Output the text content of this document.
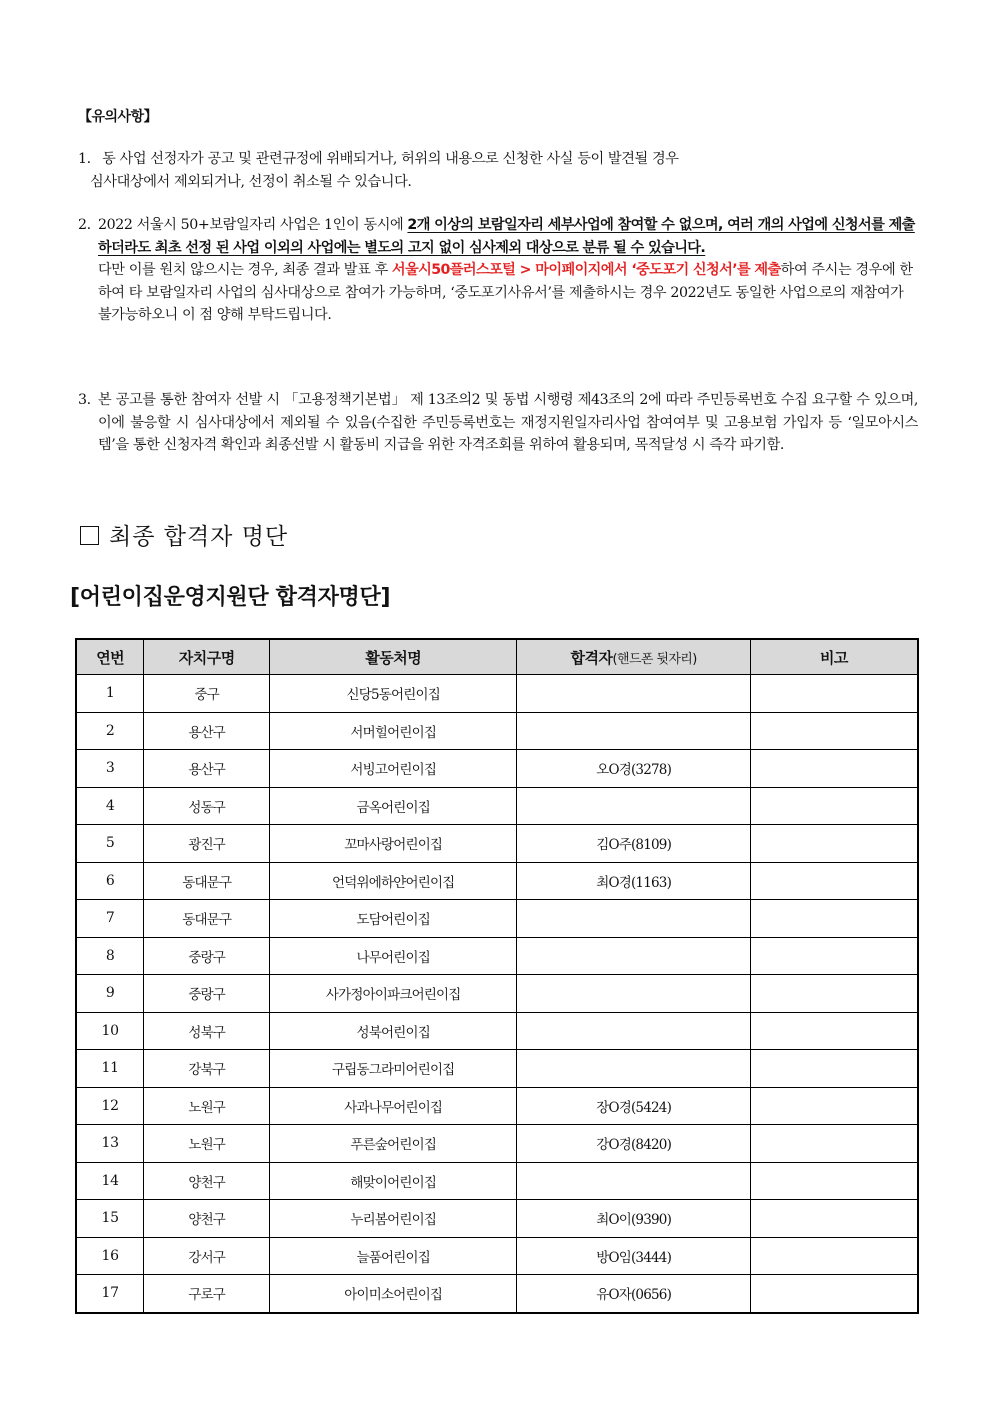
【유의사항】
1. 동 사업 선정자가 공고 및 관련규정에 위배되거나, 허위의 내용으로 신청한 사실 등이 발견될 경우

심사대상에서 제외되거나, 선정이 취소될 수 있습니다.
2. 2022 서울시 50+보람일자리 사업은 1인이 동시에 2개 이상의 보람일자리 세부사업에 참여할 수 없으며, 여러 개의 사업에 신청서를 제출하더라도 최초 선정 된 사업 이외의 사업에는 별도의 고지 없이 심사제외 대상으로 분류 될 수 있습니다.
다만 이를 원치 않으시는 경우, 최종 결과 발표 후 서울시50플러스포털 > 마이페이지에서 ‘중도포기 신청서’를 제출하여 주시는 경우에 한하여 타 보람일자리 사업의 심사대상으로 참여가 가능하며, ‘중도포기사유서’를 제출하시는 경우 2022년도 동일한 사업으로의 재참여가 불가능하오니 이 점 양해 부탁드립니다.
3. 본 공고를 통한 참여자 선발 시 「고용정책기본법」 제 13조의2 및 동법 시행령 제43조의 2에 따라 주민등록번호 수집 요구할 수 있으며, 이에 불응할 시 심사대상에서 제외될 수 있음(수집한 주민등록번호는 재정지원일자리사업 참여여부 및 고용보험 가입자 등 ‘일모아시스템’을 통한 신청자격 확인과 최종선발 시 활동비 지급을 위한 자격조회를 위하여 활용되며, 목적달성 시 즉각 파기함.
최종 합격자 명단
[어린이집운영지원단 합격자명단]
연번	자치구명	활동처명	합격자(핸드폰 뒷자리)	비고
1	중구	신당5동어린이집		
2	용산구	서머힐어린이집		
3	용산구	서빙고어린이집	오O경(3278)	
4	성동구	금옥어린이집		
5	광진구	꼬마사랑어린이집	김O주(8109)	
6	동대문구	언덕위에하얀어린이집	최O경(1163)	
7	동대문구	도담어린이집		
8	중랑구	나무어린이집		
9	중랑구	사가정아이파크어린이집		
10	성북구	성북어린이집		
11	강북구	구립동그라미어린이집		
12	노원구	사과나무어린이집	장O경(5424)	
13	노원구	푸른숲어린이집	강O경(8420)	
14	양천구	해맞이어린이집		
15	양천구	누리봄어린이집	최O이(9390)	
16	강서구	늘품어린이집	방O임(3444)	
17	구로구	아이미소어린이집	유O자(0656)	
